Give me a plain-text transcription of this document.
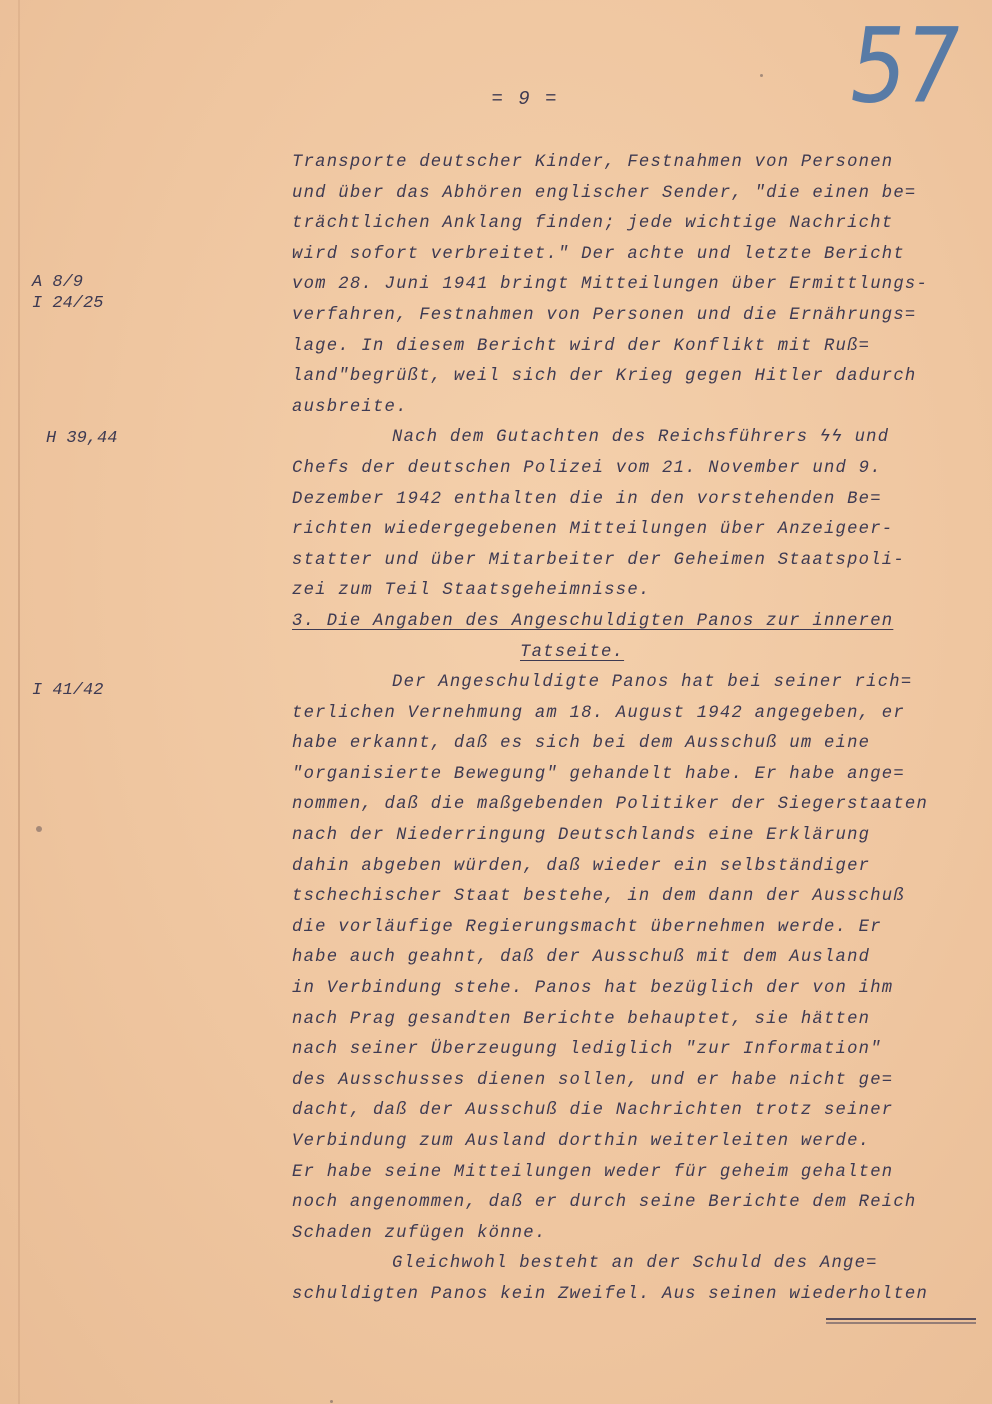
57
= 9 =
A 8/9
I 24/25
H 39,44
I 41/42
Transporte deutscher Kinder, Festnahmen von Personen
und über das Abhören englischer Sender, "die einen be=
trächtlichen Anklang finden; jede wichtige Nachricht
wird sofort verbreitet." Der achte und letzte Bericht
vom 28. Juni 1941 bringt Mitteilungen über Ermittlungs-
verfahren, Festnahmen von Personen und die Ernährungs=
lage. In diesem Bericht wird der Konflikt mit Ruß=
land"begrüßt, weil sich der Krieg gegen Hitler dadurch
ausbreite.
Nach dem Gutachten des Reichsführers ϟϟ und
Chefs der deutschen Polizei vom 21. November und 9.
Dezember 1942 enthalten die in den vorstehenden Be=
richten wiedergegebenen Mitteilungen über Anzeigeer-
statter und über Mitarbeiter der Geheimen Staatspoli-
zei zum Teil Staatsgeheimnisse.
3. Die Angaben des Angeschuldigten Panos zur inneren
Tatseite.
Der Angeschuldigte Panos hat bei seiner rich=
terlichen Vernehmung am 18. August 1942 angegeben, er
habe erkannt, daß es sich bei dem Ausschuß um eine
"organisierte Bewegung" gehandelt habe. Er habe ange=
nommen, daß die maßgebenden Politiker der Siegerstaaten
nach der Niederringung Deutschlands eine Erklärung
dahin abgeben würden, daß wieder ein selbständiger
tschechischer Staat bestehe, in dem dann der Ausschuß
die vorläufige Regierungsmacht übernehmen werde. Er
habe auch geahnt, daß der Ausschuß mit dem Ausland
in Verbindung stehe. Panos hat bezüglich der von ihm
nach Prag gesandten Berichte behauptet, sie hätten
nach seiner Überzeugung lediglich "zur Information"
des Ausschusses dienen sollen, und er habe nicht ge=
dacht, daß der Ausschuß die Nachrichten trotz seiner
Verbindung zum Ausland dorthin weiterleiten werde.
Er habe seine Mitteilungen weder für geheim gehalten
noch angenommen, daß er durch seine Berichte dem Reich
Schaden zufügen könne.
Gleichwohl besteht an der Schuld des Ange=
schuldigten Panos kein Zweifel. Aus seinen wiederholten
